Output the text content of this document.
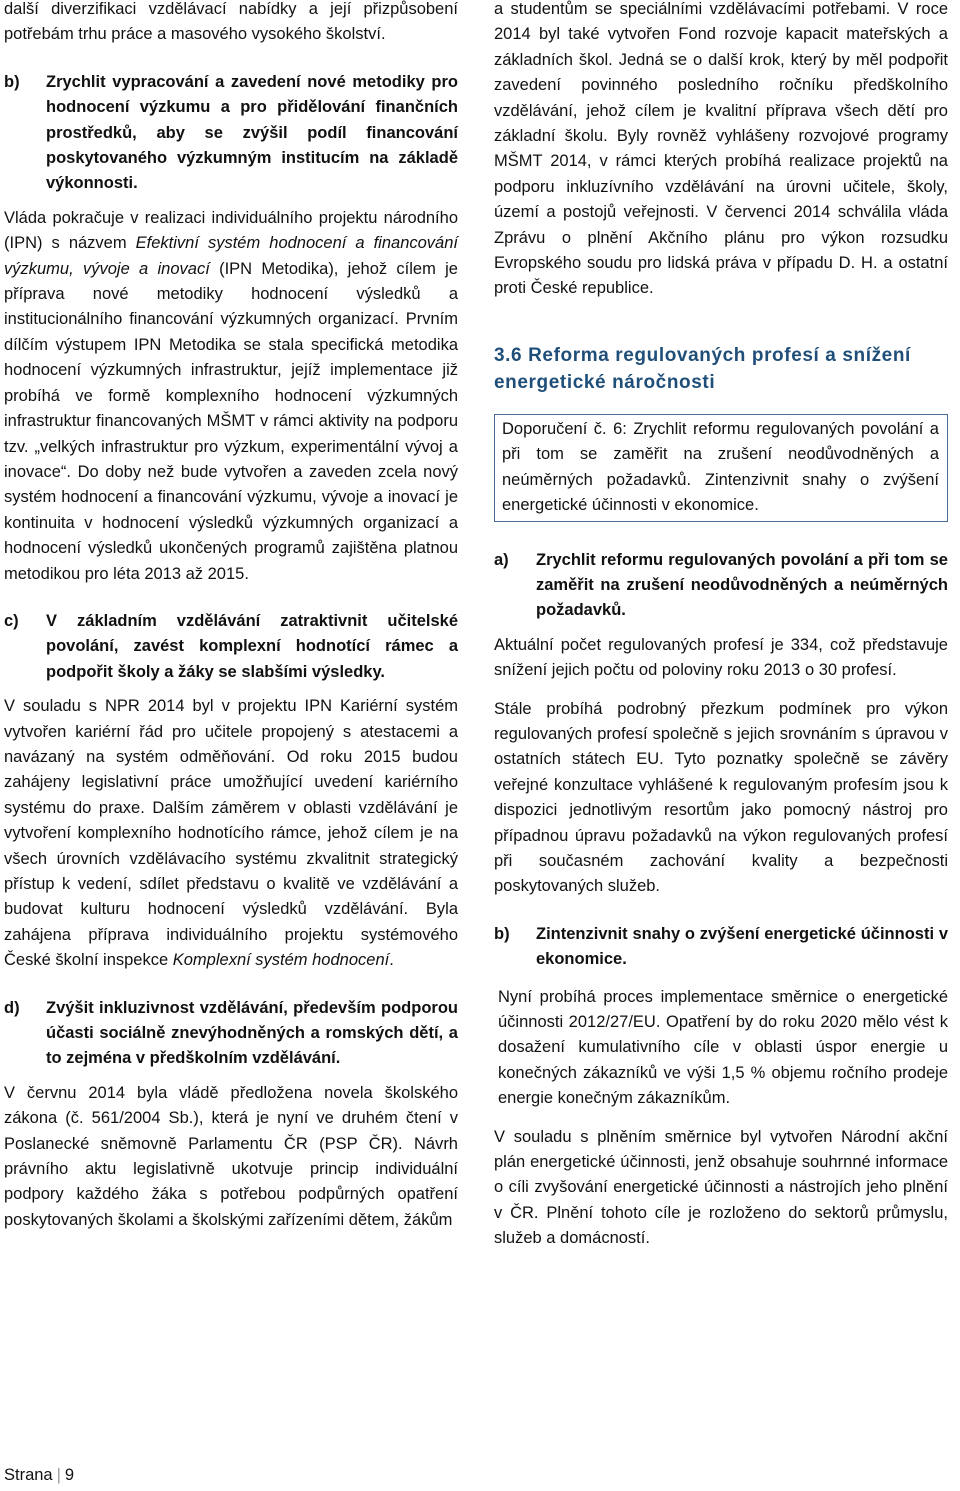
další diverzifikaci vzdělávací nabídky a její přizpůsobení potřebám trhu práce a masového vysokého školství.

b)	Zrychlit vypracování a zavedení nové metodiky pro hodnocení výzkumu a pro přidělování finančních prostředků, aby se zvýšil podíl financování poskytovaného výzkumným institucím na základě výkonnosti.

Vláda pokračuje v realizaci individuálního projektu národního (IPN) s názvem Efektivní systém hodnocení a financování výzkumu, vývoje a inovací (IPN Metodika), jehož cílem je příprava nové metodiky hodnocení výsledků a institucionálního financování výzkumných organizací. Prvním dílčím výstupem IPN Metodika se stala specifická metodika hodnocení výzkumných infrastruktur, jejíž implementace již probíhá ve formě komplexního hodnocení výzkumných infrastruktur financovaných MŠMT v rámci aktivity na podporu tzv. „velkých infrastruktur pro výzkum, experimentální vývoj a inovace“. Do doby než bude vytvořen a zaveden zcela nový systém hodnocení a financování výzkumu, vývoje a inovací je kontinuita v hodnocení výsledků výzkumných organizací a hodnocení výsledků ukončených programů zajištěna platnou metodikou pro léta 2013 až 2015.

c)	V základním vzdělávání zatraktivnit učitelské povolání, zavést komplexní hodnotící rámec a podpořit školy a žáky se slabšími výsledky.

V souladu s NPR 2014 byl v projektu IPN Kariérní systém vytvořen kariérní řád pro učitele propojený s atestacemi a navázaný na systém odměňování. Od roku 2015 budou zahájeny legislativní práce umožňující uvedení kariérního systému do praxe. Dalším záměrem v oblasti vzdělávání je vytvoření komplexního hodnotícího rámce, jehož cílem je na všech úrovních vzdělávacího systému zkvalitnit strategický přístup k vedení, sdílet představu o kvalitě ve vzdělávání a budovat kulturu hodnocení výsledků vzdělávání. Byla zahájena příprava individuálního projektu systémového České školní inspekce Komplexní systém hodnocení.

d)	Zvýšit inkluzivnost vzdělávání, především podporou účasti sociálně znevýhodněných a romských dětí, a to zejména v předškolním vzdělávání.

V červnu 2014 byla vládě předložena novela školského zákona (č. 561/2004 Sb.), která je nyní ve druhém čtení v Poslanecké sněmovně Parlamentu ČR (PSP ČR). Návrh právního aktu legislativně ukotvuje princip individuální podpory každého žáka s potřebou podpůrných opatření poskytovaných školami a školskými zařízeními dětem, žákům

a studentům se speciálními vzdělávacími potřebami. V roce 2014 byl také vytvořen Fond rozvoje kapacit mateřských a základních škol. Jedná se o další krok, který by měl podpořit zavedení povinného posledního ročníku předškolního vzdělávání, jehož cílem je kvalitní příprava všech dětí pro základní školu. Byly rovněž vyhlášeny rozvojové programy MŠMT 2014, v rámci kterých probíhá realizace projektů na podporu inkluzívního vzdělávání na úrovni učitele, školy, území a postojů veřejnosti. V červenci 2014 schválila vláda Zprávu o plnění Akčního plánu pro výkon rozsudku Evropského soudu pro lidská práva v případu D. H. a ostatní proti České republice.

3.6 Reforma regulovaných profesí a snížení energetické náročnosti

Doporučení č. 6: Zrychlit reformu regulovaných povolání a při tom se zaměřit na zrušení neodůvodněných a neúměrných požadavků. Zintenzivnit snahy o zvýšení energetické účinnosti v ekonomice.

a)	Zrychlit reformu regulovaných povolání a při tom se zaměřit na zrušení neodůvodněných a neúměrných požadavků.

Aktuální počet regulovaných profesí je 334, což představuje snížení jejich počtu od poloviny roku 2013 o 30 profesí.

Stále probíhá podrobný přezkum podmínek pro výkon regulovaných profesí společně s jejich srovnáním s úpravou v ostatních státech EU. Tyto poznatky společně se závěry veřejné konzultace vyhlášené k regulovaným profesím jsou k dispozici jednotlivým resortům jako pomocný nástroj pro případnou úpravu požadavků na výkon regulovaných profesí při současném zachování kvality a bezpečnosti poskytovaných služeb.

b)	Zintenzivnit snahy o zvýšení energetické účinnosti v ekonomice.

Nyní probíhá proces implementace směrnice o energetické účinnosti 2012/27/EU. Opatření by do roku 2020 mělo vést k dosažení kumulativního cíle v oblasti úspor energie u konečných zákazníků ve výši 1,5 % objemu ročního prodeje energie konečným zákazníkům.

V souladu s plněním směrnice byl vytvořen Národní akční plán energetické účinnosti, jenž obsahuje souhrnné informace o cíli zvyšování energetické účinnosti a nástrojích jeho plnění v ČR. Plnění tohoto cíle je rozloženo do sektorů průmyslu, služeb a domácností.

Strana | 9
